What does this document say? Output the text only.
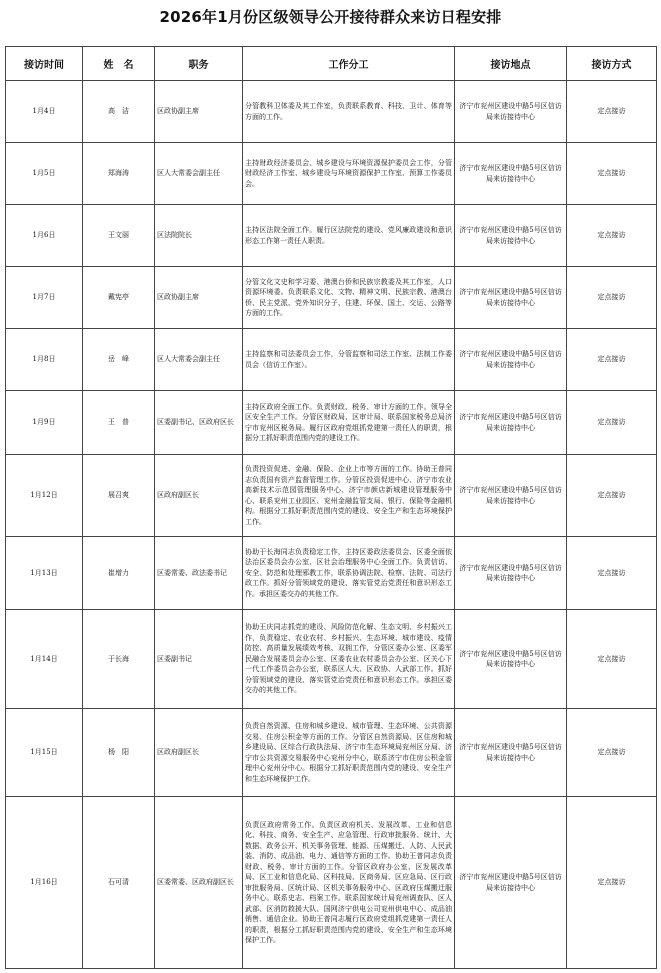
2026年1月份区级领导公开接待群众来访日程安排
接访时间	姓　名	职务	工作分工	接访地点	接访方式
1月4日	高　洁	区政协副主席	分管教科卫体委及其工作室，负责联系教育、科技、卫计、体育等方面的工作。	济宁市兖州区建设中路5号区信访局来访接待中心	定点接访
1月5日	郑海涛	区人大常委会副主任	主持财政经济委员会、城乡建设与环境资源保护委员会工作，分管财政经济工作室、城乡建设与环境资源保护工作室、预算工作委员会。	济宁市兖州区建设中路5号区信访局来访接待中心	定点接访
1月6日	王文丽	区法院院长	主持区法院全面工作。履行区法院党的建设、党风廉政建设和意识形态工作第一责任人职责。	济宁市兖州区建设中路5号区信访局来访接待中心	定点接访
1月7日	戴宪亭	区政协副主席	分管文化文史和学习委、港澳台侨和民族宗教委及其工作室，人口资源环境委。负责联系文化、文物、精神文明、民族宗教、港澳台侨、民主党派、党外知识分子、住建、环保、国土、交运、公路等方面的工作。	济宁市兖州区建设中路5号区信访局来访接待中心	定点接访
1月8日	岳　峰	区人大常委会副主任	主持监察和司法委员会工作，分管监察和司法工作室、法制工作委员会（信访工作室）。	济宁市兖州区建设中路5号区信访局来访接待中心	定点接访
1月9日	王　普	区委副书记、区政府区长	主持区政府全面工作。负责财政、税务、审计方面的工作。领导全区安全生产工作。分管区财政局、区审计局、联系国家税务总局济宁市兖州区税务局。履行区政府党组抓党建第一责任人的职责，根据分工抓好职责范围内党的建设工作。	济宁市兖州区建设中路5号区信访局来访接待中心	定点接访
1月12日	展召爽	区政府副区长	负责投资促进、金融、保险、企业上市等方面的工作。协助王普同志负责国有资产监督管理工作。分管区投资促进中心、济宁市农业高新技术示范园管理服务中心、济宁市颜店新城建设管理服务中心、联系兖州工业园区、兖州金融监管支局、银行、保险等金融机构。根据分工抓好职责范围内党的建设、安全生产和生态环境保护工作。	济宁市兖州区建设中路5号区信访局来访接待中心	定点接访
1月13日	崔增力	区委常委、政法委书记	协助于长海同志负责稳定工作，主持区委政法委员会、区委全面依法治区委员会办公室、区社会治理服务中心全面工作。负责信访、安全、防范和处理邪教工作，联系协调法院、检察、法院、司法行政工作。抓好分管领域党的建设、落实管党治党责任和意识形态工作。承担区委交办的其他工作。	济宁市兖州区建设中路5号区信访局来访接待中心	定点接访
1月14日	于长海	区委副书记	协助王庆同志抓党的建设、风险防范化解、生态文明、乡村振兴工作，负责稳定、农业农村、乡村振兴、生态环境、城市建设、疫情防控、高质量发展绩效考核、双拥工作，分管区委办公室、区委军民融合发展委员会办公室、区委农业农村委员会办公室、区关心下一代工作委员会办公室，联系区人大、区政协、人武部工作。抓好分管领域党的建设、落实管党治党责任和意识形态工作。承担区委交办的其他工作。	济宁市兖州区建设中路5号区信访局来访接待中心	定点接访
1月15日	杨　阳	区政府副区长	负责自然资源、住房和城乡建设、城市管理、生态环境、公共资源交易、住房公积金等方面的工作。分管区自然资源局、区住房和城乡建设局、区综合行政执法局、济宁市生态环境局兖州区分局、济宁市公共资源交易服务中心兖州分中心，联系济宁市住房公积金管理中心兖州分中心。根据分工抓好职责范围内党的建设、安全生产和生态环境保护工作。	济宁市兖州区建设中路5号区信访局来访接待中心	定点接访
1月16日	石可清	区委常委、区政府副区长	负责区政府常务工作。负责区政府机关、发展改革、工业和信息化、科技、商务、安全生产、应急管理、行政审批服务、统计、大数据、政务公开、机关事务管理、能源、压煤搬迁、人防、人民武装、消防、成品油、电力、通信等方面的工作。协助王普同志负责财政、税务、审计方面的工作。分管区政府办公室、区发展改革局、区工业和信息化局、区科技局、区商务局、区应急局、区行政审批服务局、区统计局、区机关事务服务中心、区政府压煤搬迁服务中心。联系史志、档案工作。联系国家统计局兖州调查队、区人武部、区消防救援大队、国网济宁供电公司兖州供电中心、成品油销售、通信企业。协助王普同志履行区政府党组抓党建第一责任人的职责，根据分工抓好职责范围内党的建设、安全生产和生态环境保护工作。	济宁市兖州区建设中路5号区信访局来访接待中心	定点接访
